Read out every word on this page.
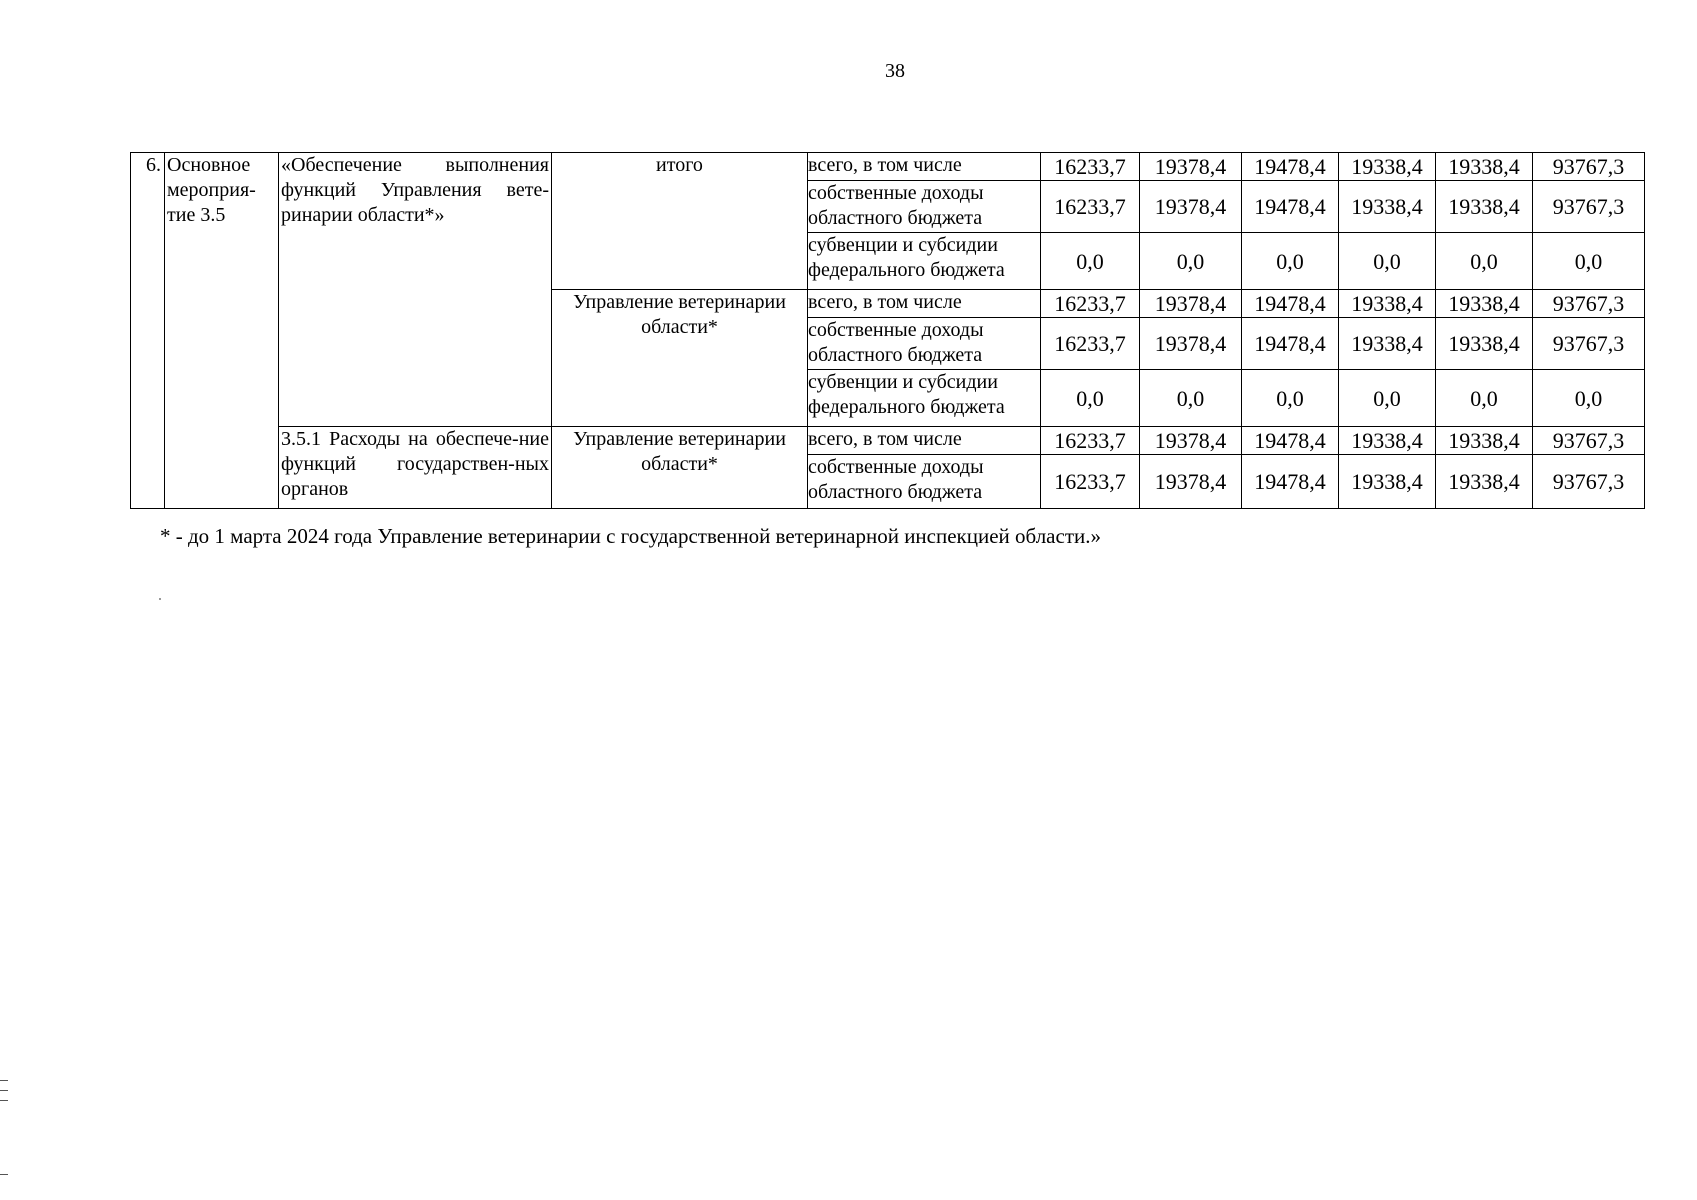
38
6.	Основное мероприя-тие 3.5	«Обеспечение выполнения функций Управления вете-ринарии области*»	итого	всего, в том числе	16233,7	19378,4	19478,4	19338,4	19338,4	93767,3
				собственные доходы областного бюджета	16233,7	19378,4	19478,4	19338,4	19338,4	93767,3
				субвенции и субсидии федерального бюджета	0,0	0,0	0,0	0,0	0,0	0,0
			Управление ветеринарии области*	всего, в том числе	16233,7	19378,4	19478,4	19338,4	19338,4	93767,3
				собственные доходы областного бюджета	16233,7	19378,4	19478,4	19338,4	19338,4	93767,3
				субвенции и субсидии федерального бюджета	0,0	0,0	0,0	0,0	0,0	0,0
		3.5.1 Расходы на обеспече-ние функций государствен-ных органов	Управление ветеринарии области*	всего, в том числе	16233,7	19378,4	19478,4	19338,4	19338,4	93767,3
				собственные доходы областного бюджета	16233,7	19378,4	19478,4	19338,4	19338,4	93767,3
* - до 1 марта 2024 года Управление ветеринарии с государственной ветеринарной инспекцией области.»
